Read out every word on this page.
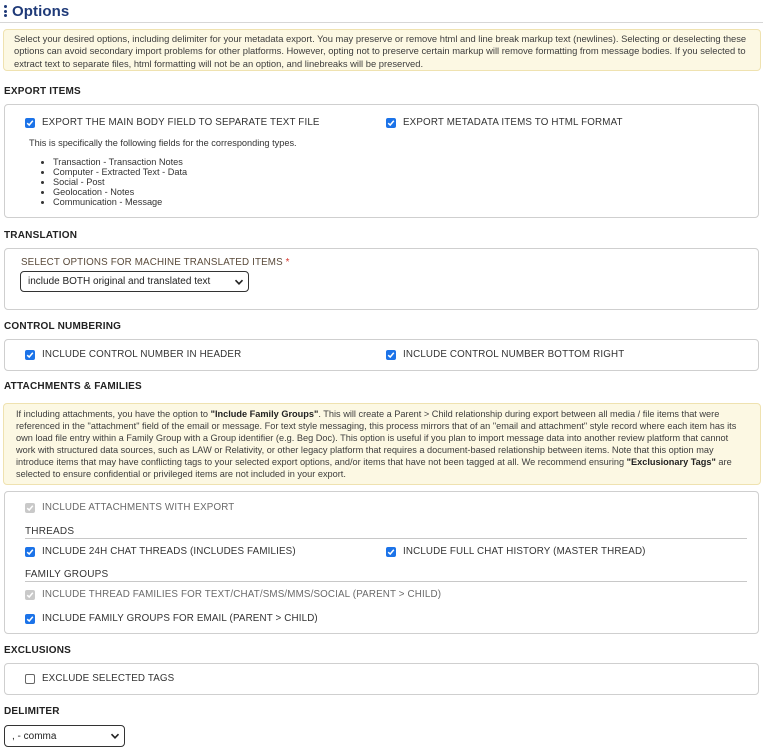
Options
Select your desired options, including delimiter for your metadata export. You may preserve or remove html and line break markup text (newlines). Selecting or deselecting these options can avoid secondary import problems for other platforms. However, opting not to preserve certain markup will remove formatting from message bodies. If you selected to extract text to separate files, html formatting will not be an option, and linebreaks will be preserved.
EXPORT ITEMS
EXPORT THE MAIN BODY FIELD TO SEPARATE TEXT FILE	EXPORT METADATA ITEMS TO HTML FORMAT
This is specifically the following fields for the corresponding types.
Transaction - Transaction Notes
Computer - Extracted Text - Data
Social - Post
Geolocation - Notes
Communication - Message
TRANSLATION
SELECT OPTIONS FOR MACHINE TRANSLATED ITEMS *
include BOTH original and translated text
CONTROL NUMBERING
INCLUDE CONTROL NUMBER IN HEADER	INCLUDE CONTROL NUMBER BOTTOM RIGHT
ATTACHMENTS & FAMILIES
If including attachments, you have the option to "Include Family Groups". This will create a Parent > Child relationship during export between all media / file items that were referenced in the "attachment" field of the email or message. For text style messaging, this process mirrors that of an "email and attachment" style record where each item has its own load file entry within a Family Group with a Group identifier (e.g. Beg Doc). This option is useful if you plan to import message data into another review platform that cannot work with structured data sources, such as LAW or Relativity, or other legacy platform that requires a document-based relationship between items. Note that this option may introduce items that may have conflicting tags to your selected export options, and/or items that have not been tagged at all. We recommend ensuring "Exclusionary Tags" are selected to ensure confidential or privileged items are not included in your export.
INCLUDE ATTACHMENTS WITH EXPORT
THREADS
INCLUDE 24H CHAT THREADS (INCLUDES FAMILIES)	INCLUDE FULL CHAT HISTORY (MASTER THREAD)
FAMILY GROUPS
INCLUDE THREAD FAMILIES FOR TEXT/CHAT/SMS/MMS/SOCIAL (PARENT > CHILD)
INCLUDE FAMILY GROUPS FOR EMAIL (PARENT > CHILD)
EXCLUSIONS
EXCLUDE SELECTED TAGS
DELIMITER
, - comma
